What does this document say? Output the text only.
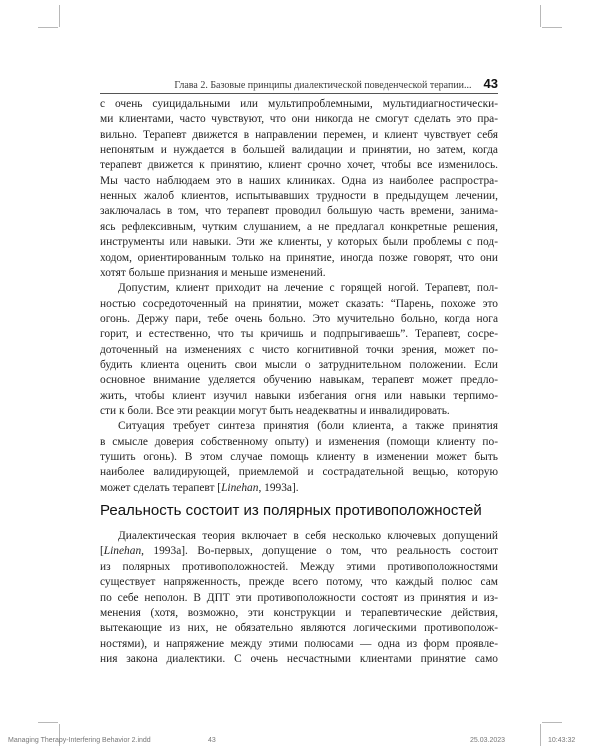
Глава 2. Базовые принципы диалектической поведенческой терапии... 43
с очень суицидальными или мультипроблемными, мультидиагностически-
ми клиентами, часто чувствуют, что они никогда не смогут сделать это пра-
вильно. Терапевт движется в направлении перемен, и клиент чувствует себя
непонятым и нуждается в большей валидации и принятии, но затем, когда
терапевт движется к принятию, клиент срочно хочет, чтобы все изменилось.
Мы часто наблюдаем это в наших клиниках. Одна из наиболее распростра-
ненных жалоб клиентов, испытывавших трудности в предыдущем лечении,
заключалась в том, что терапевт проводил большую часть времени, занима-
ясь рефлексивным, чутким слушанием, а не предлагал конкретные решения,
инструменты или навыки. Эти же клиенты, у которых были проблемы с под-
ходом, ориентированным только на принятие, иногда позже говорят, что они
хотят больше признания и меньше изменений.
Допустим, клиент приходит на лечение с горящей ногой. Терапевт, пол-
ностью сосредоточенный на принятии, может сказать: “Парень, похоже это
огонь. Держу пари, тебе очень больно. Это мучительно больно, когда нога
горит, и естественно, что ты кричишь и подпрыгиваешь”. Терапевт, сосре-
доточенный на изменениях с чисто когнитивной точки зрения, может по-
будить клиента оценить свои мысли о затруднительном положении. Если
основное внимание уделяется обучению навыкам, терапевт может предло-
жить, чтобы клиент изучил навыки избегания огня или навыки терпимо-
сти к боли. Все эти реакции могут быть неадекватны и инвалидировать.
Ситуация требует синтеза принятия (боли клиента, а также принятия
в смысле доверия собственному опыту) и изменения (помощи клиенту по-
тушить огонь). В этом случае помощь клиенту в изменении может быть
наиболее валидирующей, приемлемой и сострадательной вещью, которую
может сделать терапевт [Linehan, 1993a].
Реальность состоит из полярных противоположностей
Диалектическая теория включает в себя несколько ключевых допущений
[Linehan, 1993a]. Во-первых, допущение о том, что реальность состоит
из полярных противоположностей. Между этими противоположностями
существует напряженность, прежде всего потому, что каждый полюс сам
по себе неполон. В ДПТ эти противоположности состоят из принятия и из-
менения (хотя, возможно, эти конструкции и терапевтические действия,
вытекающие из них, не обязательно являются логическими противополож-
ностями), и напряжение между этими полюсами — одна из форм проявле-
ния закона диалектики. С очень несчастными клиентами принятие само
Managing Therapy-Interfering Behavior 2.indd	43	25.03.2023	10:43:32
